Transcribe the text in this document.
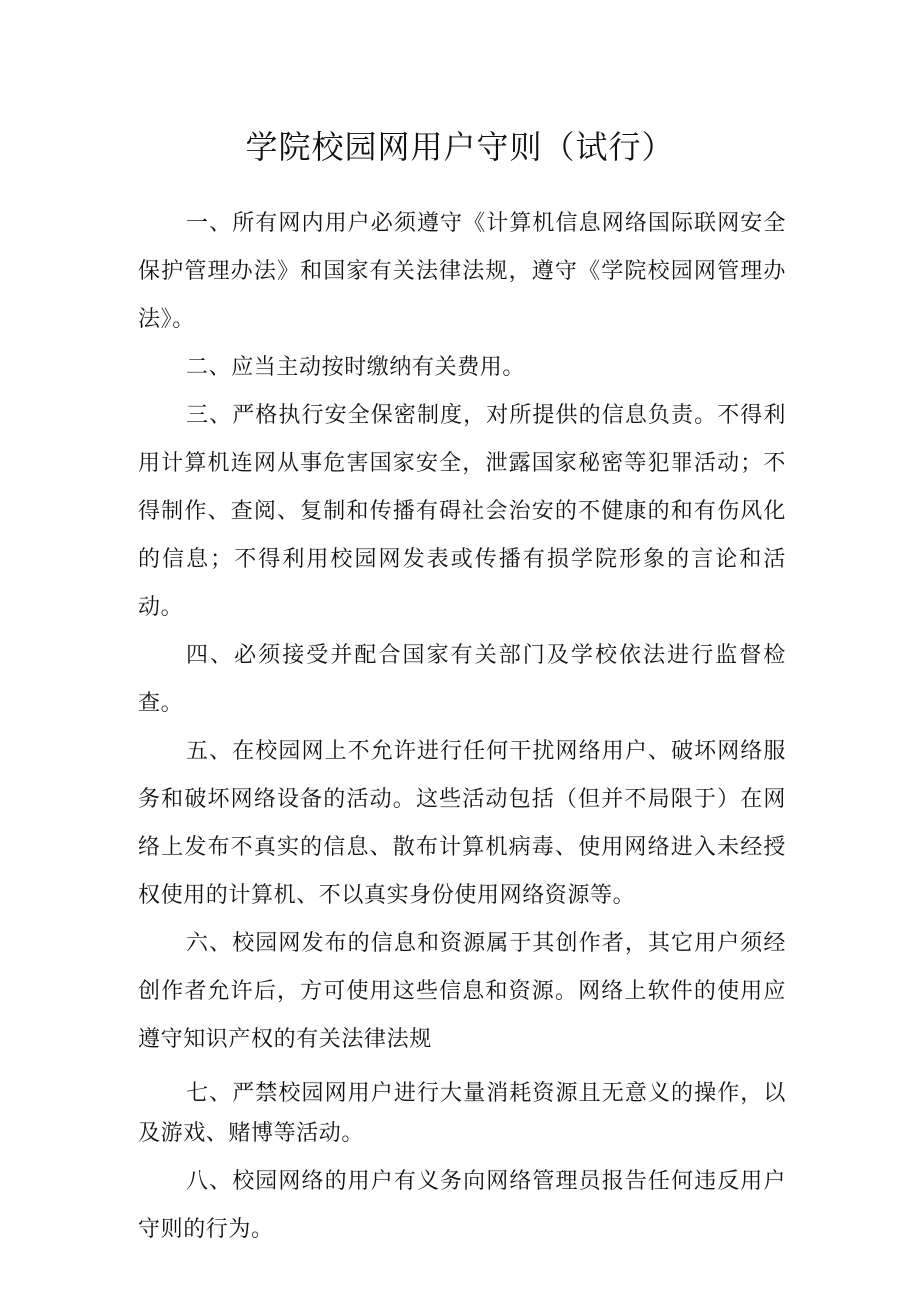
学院校园网用户守则（试行）

一、所有网内用户必须遵守《计算机信息网络国际联网安全保护管理办法》和国家有关法律法规，遵守《学院校园网管理办法》。

二、应当主动按时缴纳有关费用。

三、严格执行安全保密制度，对所提供的信息负责。不得利用计算机连网从事危害国家安全，泄露国家秘密等犯罪活动；不得制作、查阅、复制和传播有碍社会治安的不健康的和有伤风化的信息；不得利用校园网发表或传播有损学院形象的言论和活动。

四、必须接受并配合国家有关部门及学校依法进行监督检查。

五、在校园网上不允许进行任何干扰网络用户、破坏网络服务和破坏网络设备的活动。这些活动包括（但并不局限于）在网络上发布不真实的信息、散布计算机病毒、使用网络进入未经授权使用的计算机、不以真实身份使用网络资源等。

六、校园网发布的信息和资源属于其创作者，其它用户须经创作者允许后，方可使用这些信息和资源。网络上软件的使用应遵守知识产权的有关法律法规

七、严禁校园网用户进行大量消耗资源且无意义的操作，以及游戏、赌博等活动。

八、校园网络的用户有义务向网络管理员报告任何违反用户守则的行为。
